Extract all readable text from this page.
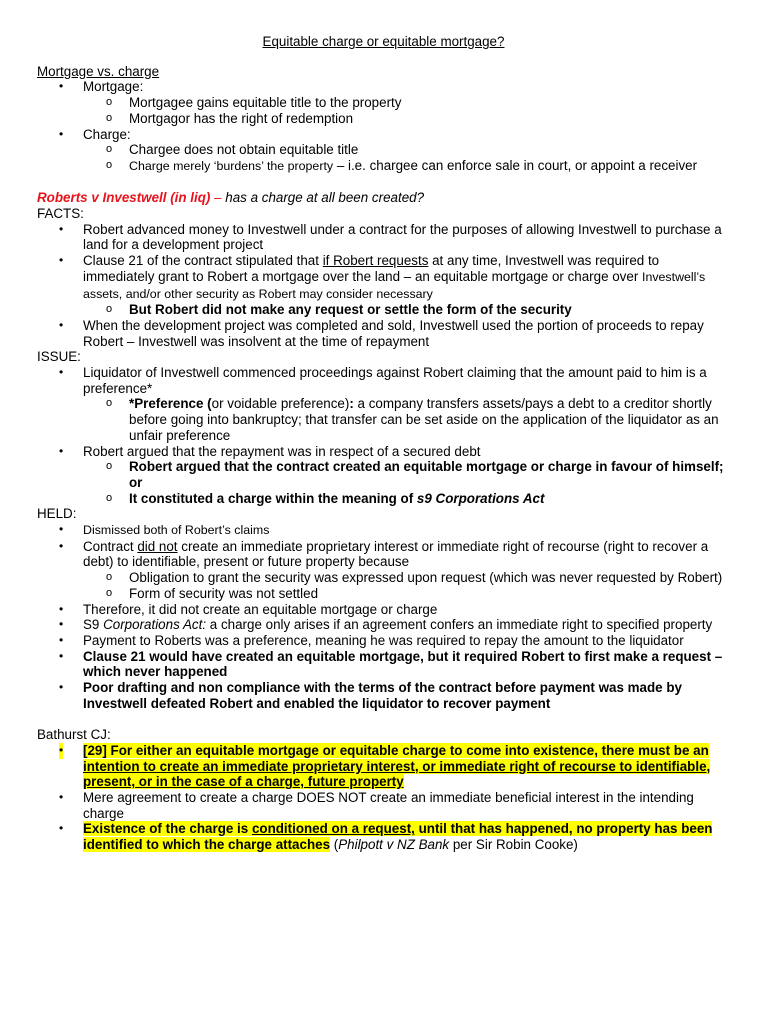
Equitable charge or equitable mortgage?
Mortgage vs. charge
• Mortgage:
o Mortgagee gains equitable title to the property
o Mortgagor has the right of redemption
• Charge:
o Chargee does not obtain equitable title
o Charge merely ‘burdens’ the property – i.e. chargee can enforce sale in court, or appoint a receiver
Roberts v Investwell (in liq) – has a charge at all been created?
FACTS:
• Robert advanced money to Investwell under a contract for the purposes of allowing Investwell to purchase a land for a development project
• Clause 21 of the contract stipulated that if Robert requests at any time, Investwell was required to immediately grant to Robert a mortgage over the land – an equitable mortgage or charge over Investwell’s assets, and/or other security as Robert may consider necessary
o But Robert did not make any request or settle the form of the security
• When the development project was completed and sold, Investwell used the portion of proceeds to repay Robert – Investwell was insolvent at the time of repayment
ISSUE:
• Liquidator of Investwell commenced proceedings against Robert claiming that the amount paid to him is a preference*
o *Preference (or voidable preference): a company transfers assets/pays a debt to a creditor shortly before going into bankruptcy; that transfer can be set aside on the application of the liquidator as an unfair preference
• Robert argued that the repayment was in respect of a secured debt
o Robert argued that the contract created an equitable mortgage or charge in favour of himself; or
o It constituted a charge within the meaning of s9 Corporations Act
HELD:
• Dismissed both of Robert’s claims
• Contract did not create an immediate proprietary interest or immediate right of recourse (right to recover a debt) to identifiable, present or future property because
o Obligation to grant the security was expressed upon request (which was never requested by Robert)
o Form of security was not settled
• Therefore, it did not create an equitable mortgage or charge
• S9 Corporations Act: a charge only arises if an agreement confers an immediate right to specified property
• Payment to Roberts was a preference, meaning he was required to repay the amount to the liquidator
• Clause 21 would have created an equitable mortgage, but it required Robert to first make a request – which never happened
• Poor drafting and non compliance with the terms of the contract before payment was made by Investwell defeated Robert and enabled the liquidator to recover payment
Bathurst CJ:
• [29] For either an equitable mortgage or equitable charge to come into existence, there must be an intention to create an immediate proprietary interest, or immediate right of recourse to identifiable, present, or in the case of a charge, future property
• Mere agreement to create a charge DOES NOT create an immediate beneficial interest in the intending charge
• Existence of the charge is conditioned on a request, until that has happened, no property has been identified to which the charge attaches (Philpott v NZ Bank per Sir Robin Cooke)
